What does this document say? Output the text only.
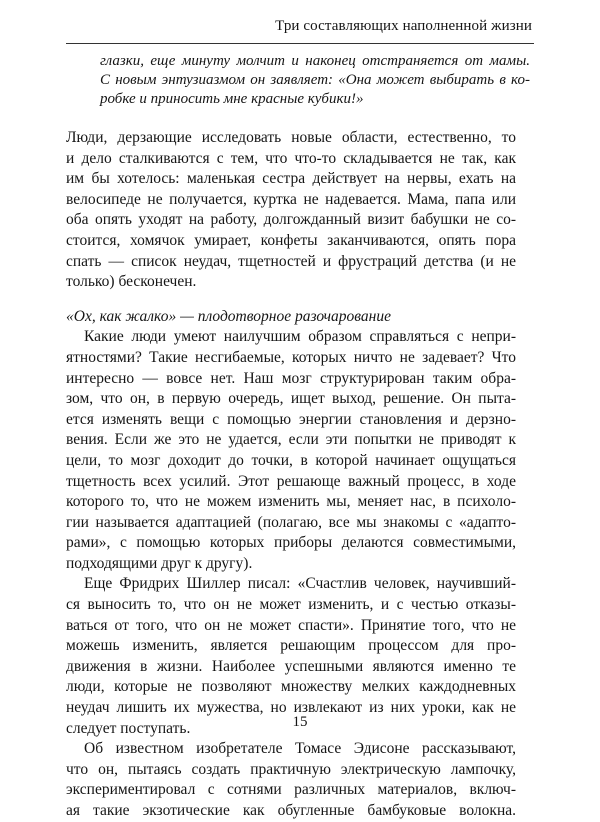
Три составляющих наполненной жизни
глазки, еще минуту молчит и наконец отстраняется от мамы.
С новым энтузиазмом он заявляет: «Она может выбирать в ко-
робке и приносить мне красные кубики!»
Люди, дерзающие исследовать новые области, естественно, то
и дело сталкиваются с тем, что что-то складывается не так, как
им бы хотелось: маленькая сестра действует на нервы, ехать на
велосипеде не получается, куртка не надевается. Мама, папа или
оба опять уходят на работу, долгожданный визит бабушки не со-
стоится, хомячок умирает, конфеты заканчиваются, опять пора
спать — список неудач, тщетностей и фрустраций детства (и не
только) бесконечен.
«Ох, как жалко» — плодотворное разочарование
Какие люди умеют наилучшим образом справляться с непри-
ятностями? Такие несгибаемые, которых ничто не задевает? Что
интересно — вовсе нет. Наш мозг структурирован таким обра-
зом, что он, в первую очередь, ищет выход, решение. Он пыта-
ется изменять вещи с помощью энергии становления и дерзно-
вения. Если же это не удается, если эти попытки не приводят к
цели, то мозг доходит до точки, в которой начинает ощущаться
тщетность всех усилий. Этот решающе важный процесс, в ходе
которого то, что не можем изменить мы, меняет нас, в психоло-
гии называется адаптацией (полагаю, все мы знакомы с «адапто-
рами», с помощью которых приборы делаются совместимыми,
подходящими друг к другу).
Еще Фридрих Шиллер писал: «Счастлив человек, научивший-
ся выносить то, что он не может изменить, и с честью отказы-
ваться от того, что он не может спасти». Принятие того, что не
можешь изменить, является решающим процессом для про-
движения в жизни. Наиболее успешными являются именно те
люди, которые не позволяют множеству мелких каждодневных
неудач лишить их мужества, но извлекают из них уроки, как не
следует поступать.
Об известном изобретателе Томасе Эдисоне рассказывают,
что он, пытаясь создать практичную электрическую лампочку,
экспериментировал с сотнями различных материалов, включ-
ая такие экзотические как обугленные бамбуковые волокна.
15
